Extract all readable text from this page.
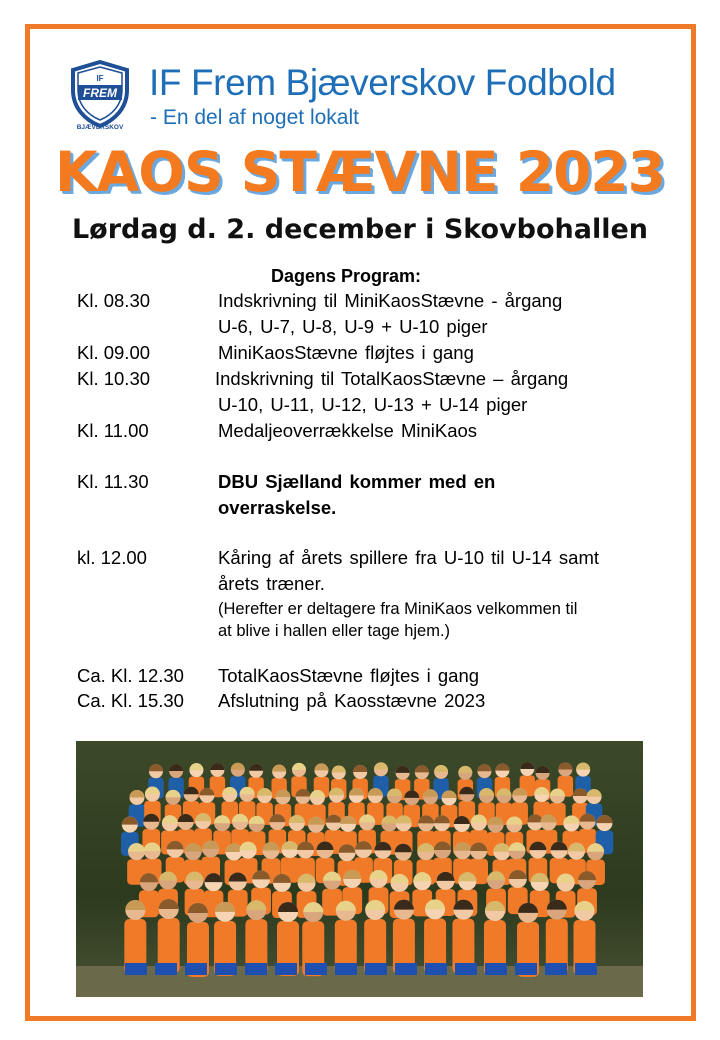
IF
FREM
BJÆVERSKOV
IF Frem Bjæverskov Fodbold
- En del af noget lokalt
KAOS STÆVNE 2023
Lørdag d. 2. december i Skovbohallen
Dagens Program:
Kl. 08.30	Indskrivning til MiniKaosStævne - årgang
U-6, U-7, U-8, U-9 + U-10 piger
Kl. 09.00	MiniKaosStævne fløjtes i gang
Kl. 10.30	Indskrivning til TotalKaosStævne – årgang
U-10, U-11, U-12, U-13 + U-14 piger
Kl. 11.00	Medaljeoverrækkelse MiniKaos
Kl. 11.30	DBU Sjælland kommer med en
overraskelse.
kl. 12.00	Kåring af årets spillere fra U-10 til U-14 samt
årets træner.
(Herefter er deltagere fra MiniKaos velkommen til
at blive i hallen eller tage hjem.)
Ca. Kl. 12.30 TotalKaosStævne fløjtes i gang
Ca. Kl. 15.30 Afslutning på Kaosstævne 2023
